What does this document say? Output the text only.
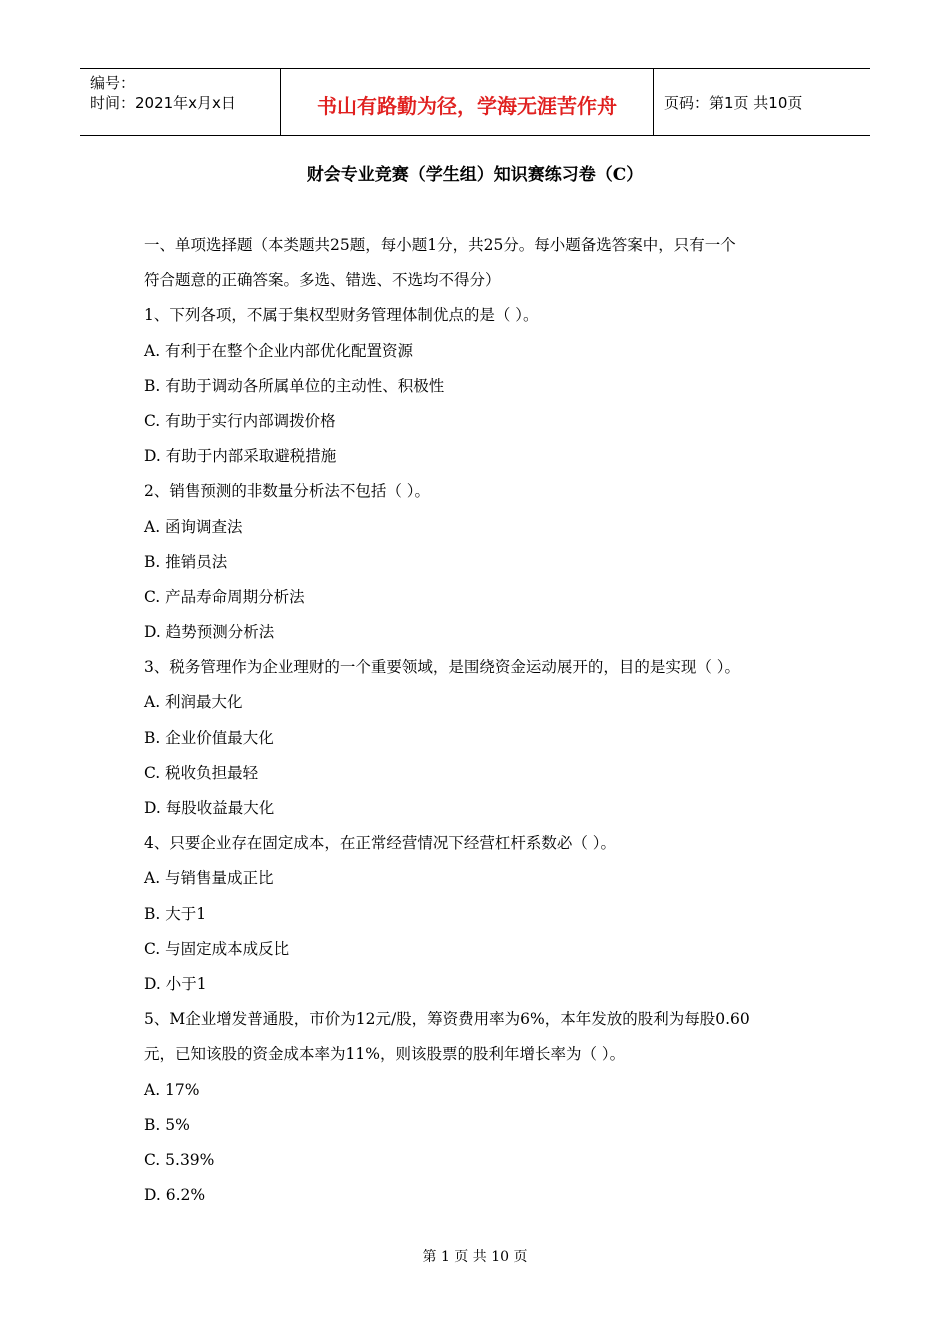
编号：
时间：2021年x月x日	书山有路勤为径，学海无涯苦作舟	页码：第1页 共10页
财会专业竞赛（学生组）知识赛练习卷（C）
一、单项选择题（本类题共25题，每小题1分，共25分。每小题备选答案中，只有一个
符合题意的正确答案。多选、错选、不选均不得分）
1、下列各项，不属于集权型财务管理体制优点的是（ ）。
A. 有利于在整个企业内部优化配置资源
B. 有助于调动各所属单位的主动性、积极性
C. 有助于实行内部调拨价格
D. 有助于内部采取避税措施
2、销售预测的非数量分析法不包括（ ）。
A. 函询调查法
B. 推销员法
C. 产品寿命周期分析法
D. 趋势预测分析法
3、税务管理作为企业理财的一个重要领域，是围绕资金运动展开的，目的是实现（ ）。
A. 利润最大化
B. 企业价值最大化
C. 税收负担最轻
D. 每股收益最大化
4、只要企业存在固定成本，在正常经营情况下经营杠杆系数必（ ）。
A. 与销售量成正比
B. 大于1
C. 与固定成本成反比
D. 小于1
5、M企业增发普通股，市价为12元/股，筹资费用率为6%，本年发放的股利为每股0.60
元，已知该股的资金成本率为11%，则该股票的股利年增长率为（ ）。
A. 17%
B. 5%
C. 5.39%
D. 6.2%
第 1 页 共 10 页
